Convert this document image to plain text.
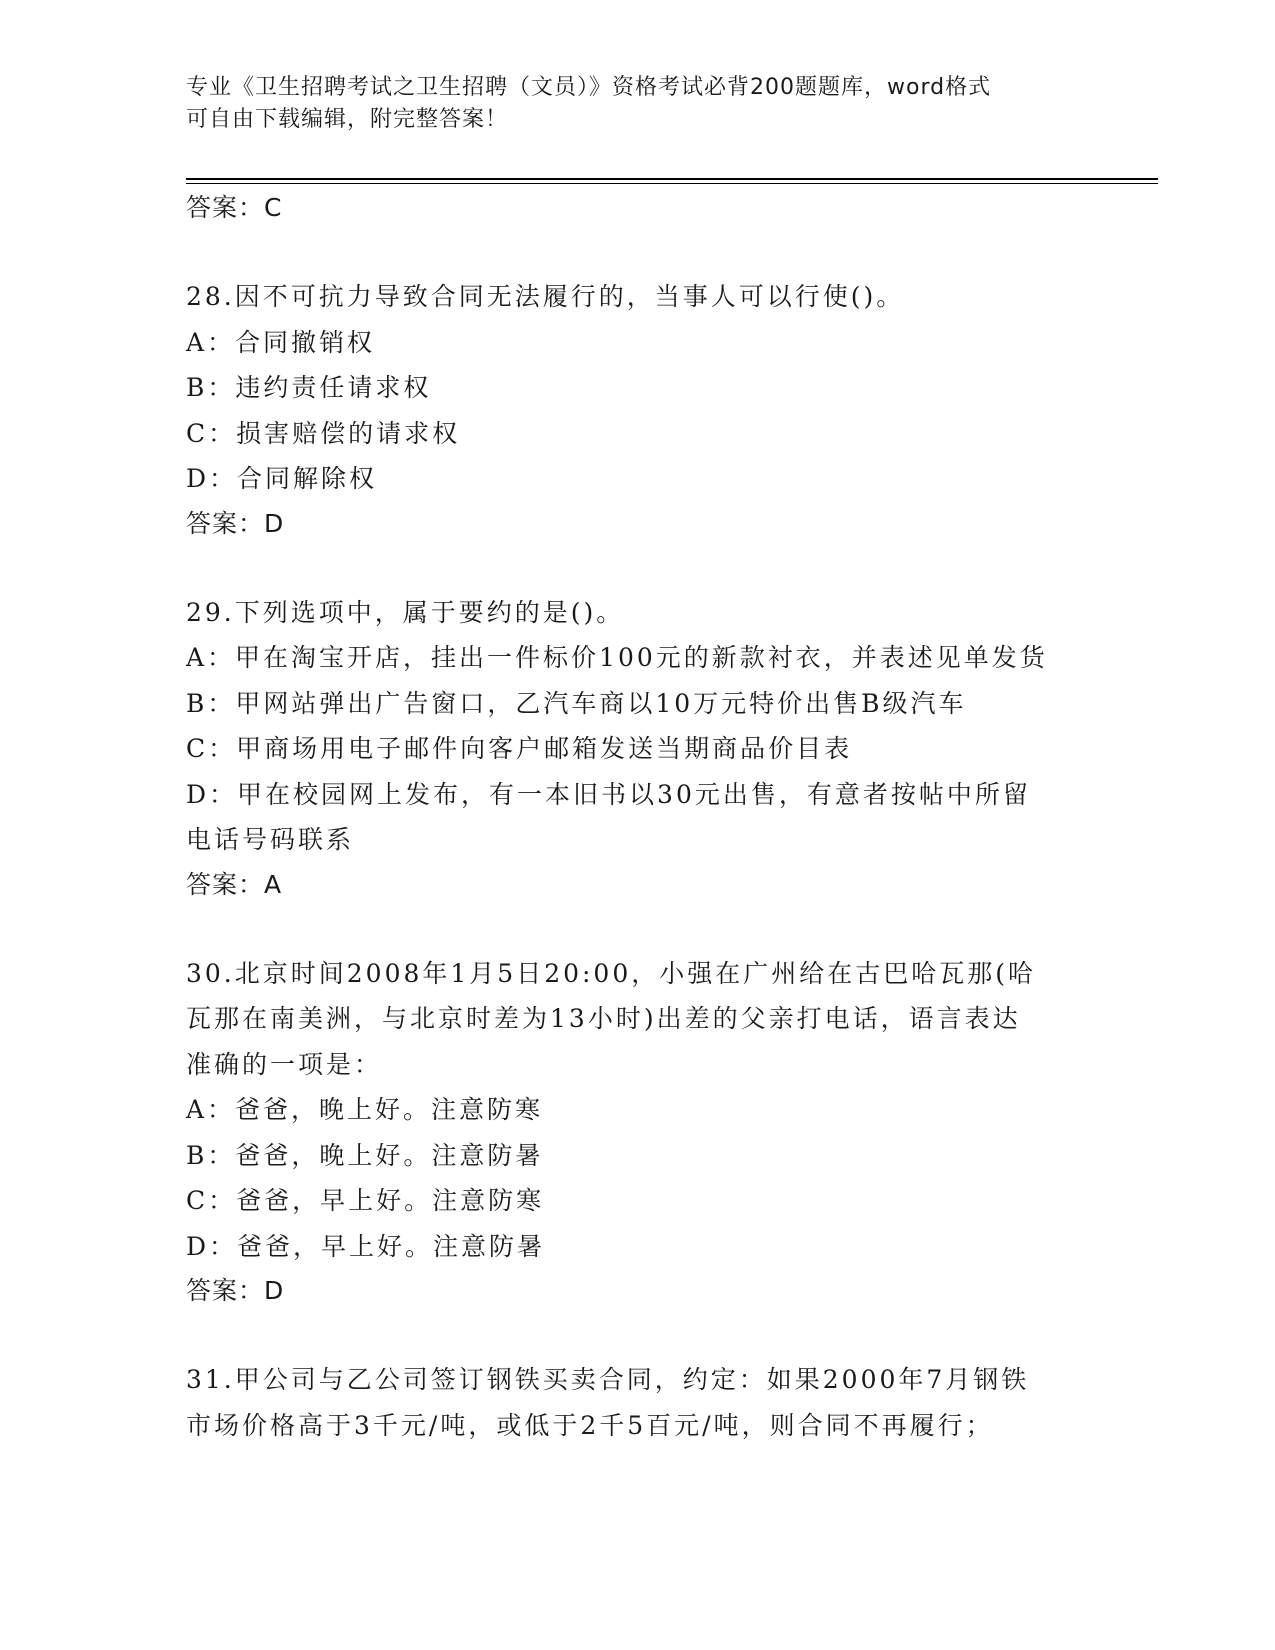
专业《卫生招聘考试之卫生招聘（文员）》资格考试必背200题题库，word格式
可自由下载编辑，附完整答案！
答案：C
28.因不可抗力导致合同无法履行的，当事人可以行使()。
A：合同撤销权
B：违约责任请求权
C：损害赔偿的请求权
D：合同解除权
答案：D
29.下列选项中，属于要约的是()。
A：甲在淘宝开店，挂出一件标价100元的新款衬衣，并表述见单发货
B：甲网站弹出广告窗口，乙汽车商以10万元特价出售B级汽车
C：甲商场用电子邮件向客户邮箱发送当期商品价目表
D：甲在校园网上发布，有一本旧书以30元出售，有意者按帖中所留
电话号码联系
答案：A
30.北京时间2008年1月5日20:00，小强在广州给在古巴哈瓦那(哈
瓦那在南美洲，与北京时差为13小时)出差的父亲打电话，语言表达
准确的一项是：
A：爸爸，晚上好。注意防寒
B：爸爸，晚上好。注意防暑
C：爸爸，早上好。注意防寒
D：爸爸，早上好。注意防暑
答案：D
31.甲公司与乙公司签订钢铁买卖合同，约定：如果2000年7月钢铁
市场价格高于3千元/吨，或低于2千5百元/吨，则合同不再履行；
